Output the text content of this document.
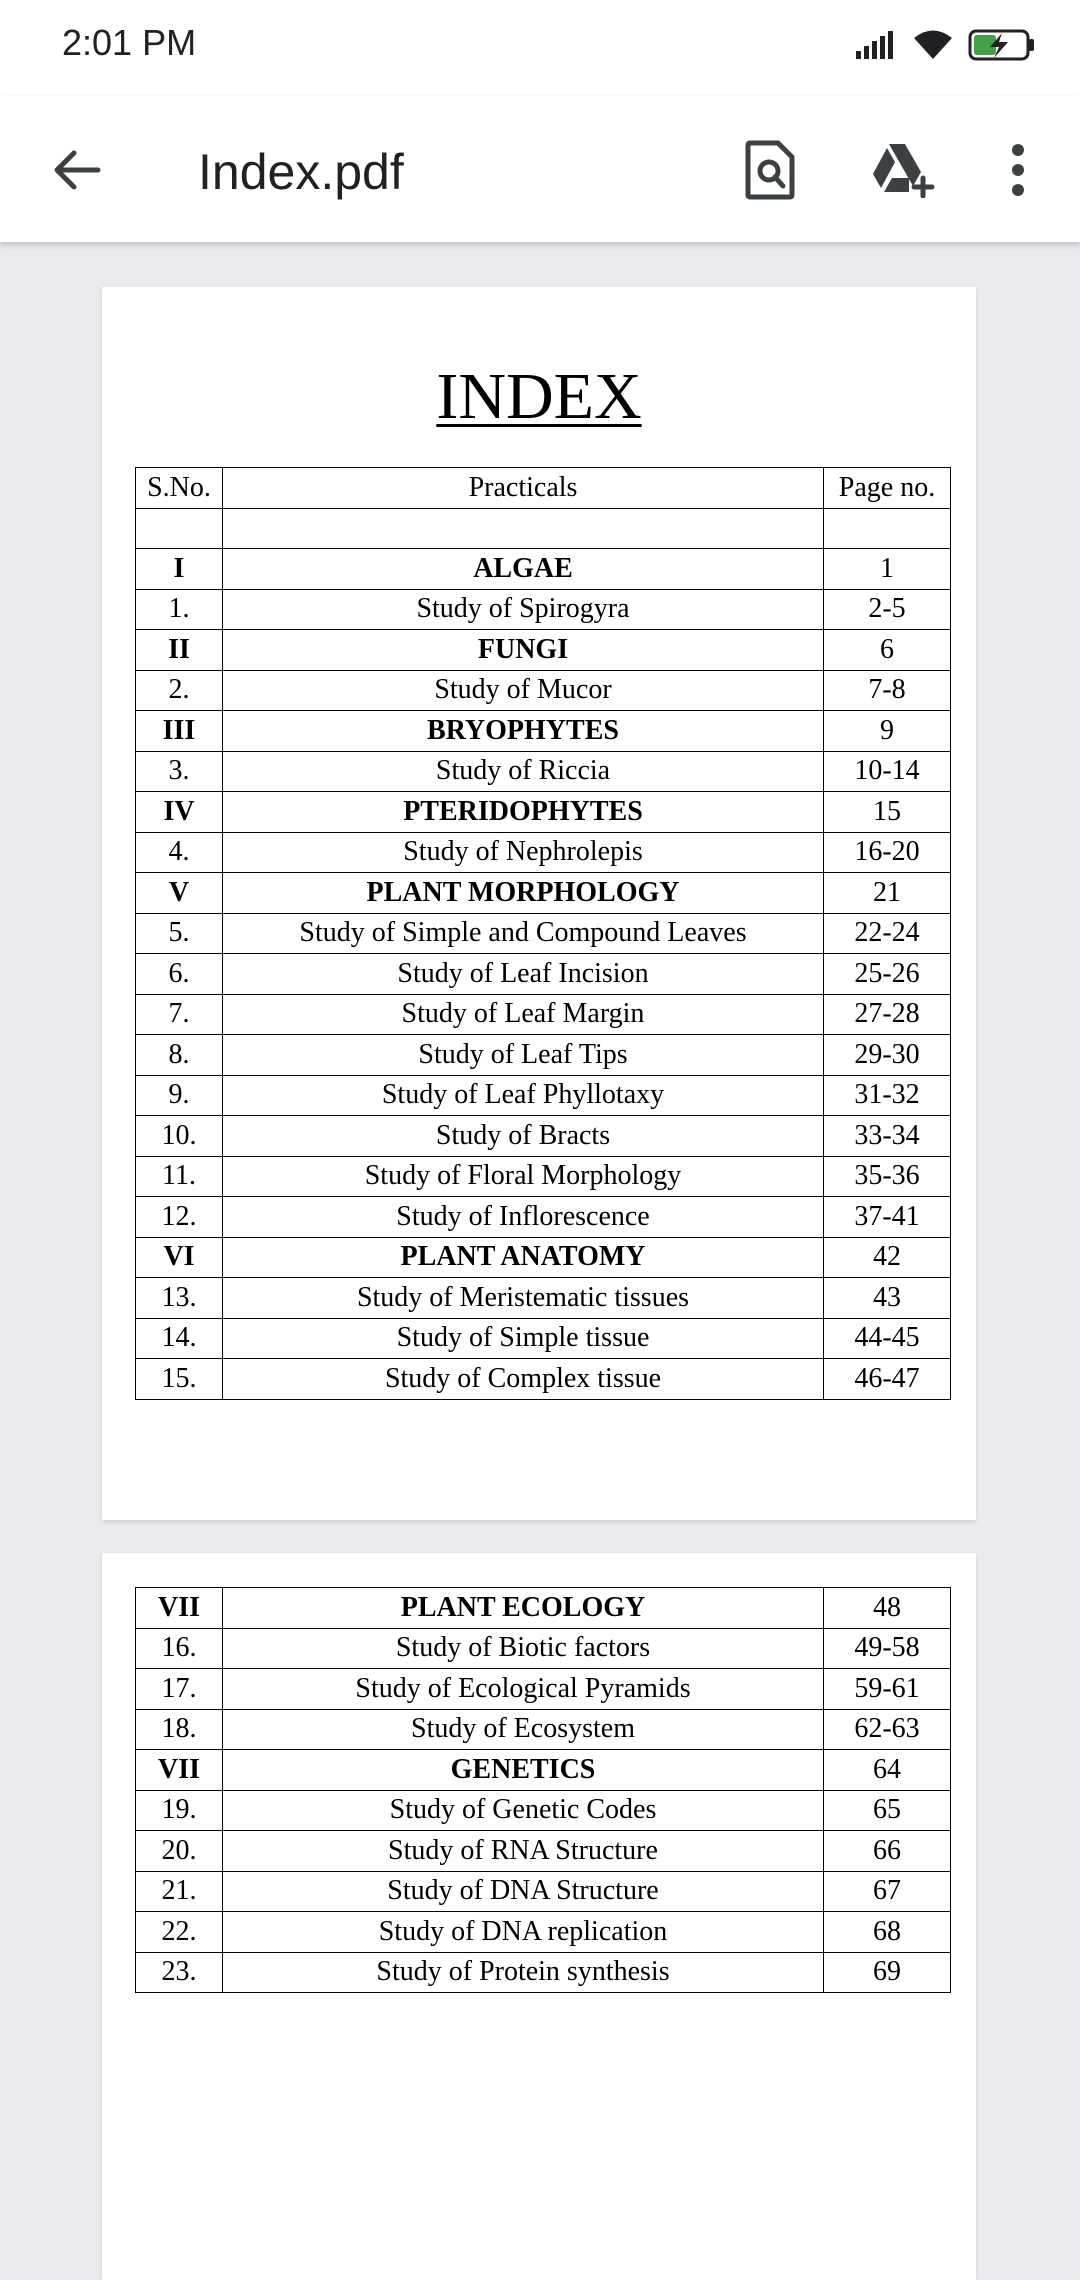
2:01 PM
Index.pdf
INDEX
S.No.	Practicals	Page no.

I	ALGAE	1
1.	Study of Spirogyra	2-5
II	FUNGI	6
2.	Study of Mucor	7-8
III	BRYOPHYTES	9
3.	Study of Riccia	10-14
IV	PTERIDOPHYTES	15
4.	Study of Nephrolepis	16-20
V	PLANT MORPHOLOGY	21
5.	Study of Simple and Compound Leaves	22-24
6.	Study of Leaf Incision	25-26
7.	Study of Leaf Margin	27-28
8.	Study of Leaf Tips	29-30
9.	Study of Leaf Phyllotaxy	31-32
10.	Study of Bracts	33-34
11.	Study of Floral Morphology	35-36
12.	Study of Inflorescence	37-41
VI	PLANT ANATOMY	42
13.	Study of Meristematic tissues	43
14.	Study of Simple tissue	44-45
15.	Study of Complex tissue	46-47
VII	PLANT ECOLOGY	48
16.	Study of Biotic factors	49-58
17.	Study of Ecological Pyramids	59-61
18.	Study of Ecosystem	62-63
VII	GENETICS	64
19.	Study of Genetic Codes	65
20.	Study of RNA Structure	66
21.	Study of DNA Structure	67
22.	Study of DNA replication	68
23.	Study of Protein synthesis	69
